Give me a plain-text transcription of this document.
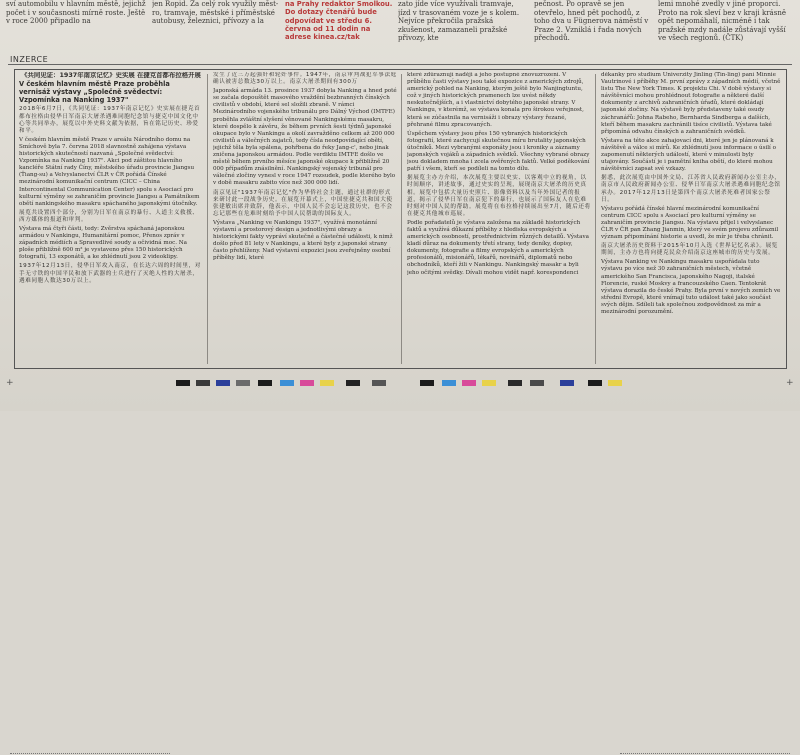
sví automobilu v hlavním městě, jejichž počet i v současnosti mírně roste. Ještě v roce 2000 připadlo na
jen Ropid. Za celý rok využily městro, tramvaje, městské i příměstské autobusy, železnici, přívozy a la
na Prahy redaktor Smolkou. Do dotazy čtenářů bude odpovídat ve středu 6. června od 11 dodin na adrese kinea.cz/tak
zato jíde více využívali tramvaje, jízd v trasovaném voze je s kolem. Nejvíce překročila pražská zkušenost, zamazaneli pražské přivozy, kte
pečnost. Po opravě se jen otevřelo, hned pět pochodů, z toho dva u Fügnerova náměstí v Praze 2. Vzniklá i řada nových přechodů.
lemi mnohé zvedly v jiné proporci. Proto na rok sleví bez v kraji krásně opět nepomáhalí, nicméně i tak pražské mzdy nadále zůstávají vyšší ve všech regionů. (ČTK)
INZERCE

《共同见证：1937年南京记忆》史实展 在捷克首都布拉格开展

V českém hlavním městě Praze proběhla vernisáž výstavy „Společně svědectví: Vzpomínka na Nanking 1937"

2018年6月7日，《共同见证：1937年南京记忆》史实展在捷克首都布拉格由侵华日军南京大屠杀遇难同胞纪念馆与捷克中国文化中心等共同举办，展览以中外史料文献为依据，旨在铭记历史、珍爱和平。

V českém hlavním městě Praze v areálu Národního domu na Smíchově byla 7. června 2018 slavnostně zahájena výstava historických skutečností nazvaná „Společné svědectví: Vzpomínka na Nanking 1937". Akci pod záštitou hlavního kancléře Státní rady Číny, městského úřadu provincie Jiangsu (Ťiang-su) a Velvyslanectví ČLR v ČR pořádá Čínské mezinárodní komunikační centrum (CICC – China Intercontinental Communication Center) spolu s Asociací pro kulturní výměny se zahraničím provincie Jiangsu a Památníkem obětí nankingského masakru spáchaného japonskými útočníky.

展览共设置四个部分，分别为日军在南京的暴行、人道主义救援、西方媒体的报道和审判。

Výstava má čtyři části, tedy: Zvěrstva spáchaná japonskou armádou v Nankingu, Humanitární pomoc, Přenos zpráv v západních médiích a Spravedlivé soudy a očividná moc. Na ploše přibližně 600 m² je vystaveno přes 150 historických fotografií, 13 exponátů, a ke zhlédnutí jsou 2 videoklipy.

1937年12月13日，侵华日军攻入南京，在长达六周的时间里，对手无寸铁的中国平民和放下武器的士兵进行了灭绝人性的大屠杀，遇难同胞人数达30万以上。

发生了近三万起强奸和轮奸事件。1947年，南京审判战犯军事法庭确认被害总数达30万以上。南京大屠杀期间有300万

Japonská armáda 13. prosince 1937 dobyla Nanking a hned poté se začala dopouštět masového vraždění bezbranných čínských civilistů v období, které sel složili zbraně. V rámci Mezinárodního vojenského tribunálu pro Dálný Východ (IMTFE) proběhla zvláštní slyšení věnované Nankingskému masakru, které dospělo k závěru, že během prvních šesti týdnů japonské okupace bylo v Nankingu a okolí zavražděno celkem až 200 000 civilistů a válečných zajatců, tedy čísla neodpovídající obětí, jejichž těla byla spálena, pohřbena do řeky Jang-c', nebo jinak zničena japonskou armádou. Podle verdiktu IMTFE došlo ve městě během prvního měsíce japonské okupace k přibližně 20 000 případům znásilnění. Nankingský vojenský tribunál pro válečné zločiny vynesl v roce 1947 rozsudek, podle kterého bylo v době masakru zabito více než 300 000 lidí.

南京见证"1937年南京记忆"作为华侨社会主题，通过社群的形式来研讨此一段战争历史。在展览开幕式上，中国驻捷克共和国大使张建敏出席并致辞，他表示，中国人民不会忘记这段历史，也不会忘记那些在危难时刻给予中国人民帮助的国际友人。

Výstava „Nanking ve Nankingu 1937", využívá monotánní výstavní a prostorový design a jednotlivými obrazy a historickými fakty vypráví skutečné a částečné události, k nimž došlo před 81 lety v Nankingu, a které byly z japonské strany často přehlíženy. Nad výstavní expozici jsou zveřejněny osobní příběhy lidí, které

které zdůraznují naději a jeho postupné znovuzrození. V průběhu časti výstavy jsou také expozice z amerických zdrojů, americký pohled na Nanking, kterým ještě bylo Nanjingtuntu, což v jiných historických pramenech lze uvést někdy neskutečnějších, a i vlastnictví dobytého japonské strany. V Nankingu, v kterémž, se výstava konala pro širokou veřejnost, která se zúčastnila na vernisáži i obrazy výstavy řezané, přehrané filmu zpracovaných.

Úspěchem výstavy jsou přes 150 vybraných historických fotografií, které zachycují skutečnou míru brutality japonských útočníků. Mezi vybranými exponáty jsou i kroniky a záznamy japonských vojáků a západních svědků. Všechny vybrané obrazy jsou dokladem mnoha i zcela ověřených faktů. Velké poděkování patří i všem, kteří se podíleli na tomto dílu.

据展览主办方介绍，本次展览主要以史实、以客观中立的视角，以时间顺序，讲述故事，通过史实的呈现，展现南京大屠杀的历史真相。展览中包括大量历史照片、影像资料以及当年外国记者的报道，揭示了侵华日军在南京犯下的暴行，也展示了国际友人在危难时刻对中国人民的帮助。展览将在布拉格持续展出至7月，随后还将在捷克其他城市巡展。

Podle pořadatelů je výstava založena na základě historických faktů a využívá důkazní příběhy z hlediska evropských a amerických osobností, prostřednictvím různých detailů. Výstava kladí důraz na dokumenty třetí strany, tedy deníky, dopisy, dokumenty, fotografie a filmy evropských a amerických profesionálů, misionářů, lékařů, novinářů, diplomatů nebo obchodníků, kteří žili v Nankingu. Nankingský masakr a byli jeho očitými svědky. Dívali mohou vidět např. korespondenci

děkanky pro studium Univerzity Jinling (Ťin-ling) paní Minnie Vautrinové i příběhy M. první zprávy z západních médií, včetně listu The New York Times. K projektu Chi. V době výstavy si návštěvníci mohou prohlédnout fotografie a některé další dokumenty z archivů zahraničních úřadů, které dokládají japonské zločiny. Na výstavě byly představeny také osudy záchranářů: Johna Rabeho, Bernharda Sindberga a dalších, kteří během masakru zachránili tisíce civilistů. Výstava také připomíná odvahu čínských a zahraničních svědků.

Výstava na této akce zahajovací dni, které jen je plánovaná k návštěvě a válce si mírů. Ke zhlédnutí jsou informace o úsilí o zapomenutí některých událostí, které v minulosti byly utajovány. Součástí je i pamětní kniha obětí, do které mohou návštěvníci zapsat své vzkazy.

据悉，此次展览由中国外文局、江苏省人民政府新闻办公室主办，南京市人民政府新闻办公室、侵华日军南京大屠杀遇难同胞纪念馆承办。2017年12月13日是第四个南京大屠杀死难者国家公祭日。

Výstavu pořádá čínské hlavní mezinárodní komunikační centrum CICC spolu s Asociací pro kulturní výměny se zahraničím provincie Jiangsu. Na výstavu přijel i velvyslanec ČLR v ČR pan Zhang Jianmin, který ve svém projevu zdůraznil význam připomínání historie a uvedl, že mír je třeba chránit.

南京大屠杀历史资料于2015年10月入选《世界记忆名录》。展览期间，主办方也将向捷克民众介绍南京这座城市的历史与发展。

Výstava Nanking ve Nankingu masakru uspořádala tuto výstavu po více než 30 zahraničních městech, včetně amerického San Francisca, japonského Nagoji, italské Florencie, ruské Moskvy a francouzského Caen. Tentokrát výstava dorazila do české Prahy. Byla první v nových zemích ve střední Evropě, které vnímají tuto událost také jako součást svých dějin. Sdíleli tak společnou zodpovědnost za mír a mezinárodní porozumění.

+	+
